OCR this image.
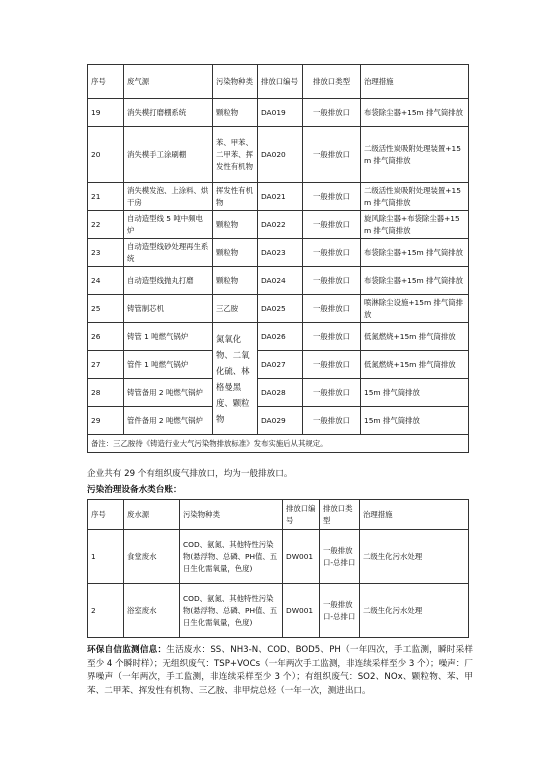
序号	废气源	污染物种类	排放口编号	排放口类型	治理措施
19	消失模打磨棚系统	颗粒物	DA019	一般排放口	布袋除尘器+15m 排气筒排放
20	消失模手工涂刷棚	苯、甲苯、二甲苯、挥发性有机物	DA020	一般排放口	二级活性炭吸附处理装置+15m 排气筒排放
21	消失模发泡、上涂料、烘干房	挥发性有机物	DA021	一般排放口	二级活性炭吸附处理装置+15m 排气筒排放
22	自动造型线 5 吨中频电炉	颗粒物	DA022	一般排放口	旋风除尘器+布袋除尘器+15m 排气筒排放
23	自动造型线砂处理再生系统	颗粒物	DA023	一般排放口	布袋除尘器+15m 排气筒排放
24	自动造型线抛丸打磨	颗粒物	DA024	一般排放口	布袋除尘器+15m 排气筒排放
25	铸管制芯机	三乙胺	DA025	一般排放口	喷淋除尘设施+15m 排气筒排放
26	铸管 1 吨燃气锅炉	氮氧化物、二氧化硫、林格曼黑度、颗粒物	DA026	一般排放口	低氮燃烧+15m 排气筒排放
27	管件 1 吨燃气锅炉		DA027	一般排放口	低氮燃烧+15m 排气筒排放
28	铸管备用 2 吨燃气锅炉		DA028	一般排放口	15m 排气筒排放
29	管件备用 2 吨燃气锅炉		DA029	一般排放口	15m 排气筒排放
备注：三乙胺待《铸造行业大气污染物排放标准》发布实施后从其规定。					
企业共有 29 个有组织废气排放口，均为一般排放口。
污染治理设备水类台账：
序号	废水源	污染物种类	排放口编号	排放口类型	治理措施
1	食堂废水	COD、氨氮、其他特性污染物(悬浮物、总磷、PH值、五日生化需氧量，色度)	DW001	一般排放口-总排口	二级生化污水处理
2	浴室废水	COD、氨氮、其他特性污染物(悬浮物、总磷、PH值、五日生化需氧量，色度)	DW001	一般排放口-总排口	二级生化污水处理
环保自信监测信息：生活废水：SS、NH3-N、COD、BOD5、PH（一年四次，手工监测，瞬时采样至少 4 个瞬时样）；无组织废气：TSP+VOCs（一年两次手工监测，非连续采样至少 3 个）；噪声：厂界噪声（一年两次，手工监测，非连续采样至少 3 个）；有组织废气：SO2、NOx、颗粒物、苯、甲苯、二甲苯、挥发性有机物、三乙胺、非甲烷总烃（一年一次，测进出口。
